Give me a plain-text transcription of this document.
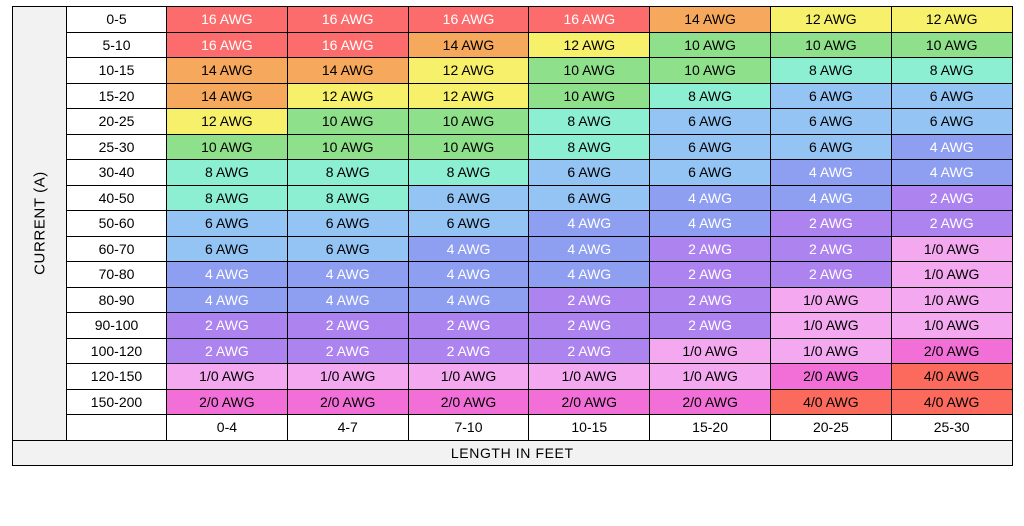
CURRENT (A)	0-5	16 AWG	16 AWG	16 AWG	16 AWG	14 AWG	12 AWG	12 AWG
	5-10	16 AWG	16 AWG	14 AWG	12 AWG	10 AWG	10 AWG	10 AWG
	10-15	14 AWG	14 AWG	12 AWG	10 AWG	10 AWG	8 AWG	8 AWG
	15-20	14 AWG	12 AWG	12 AWG	10 AWG	8 AWG	6 AWG	6 AWG
	20-25	12 AWG	10 AWG	10 AWG	8 AWG	6 AWG	6 AWG	6 AWG
	25-30	10 AWG	10 AWG	10 AWG	8 AWG	6 AWG	6 AWG	4 AWG
	30-40	8 AWG	8 AWG	8 AWG	6 AWG	6 AWG	4 AWG	4 AWG
	40-50	8 AWG	8 AWG	6 AWG	6 AWG	4 AWG	4 AWG	2 AWG
	50-60	6 AWG	6 AWG	6 AWG	4 AWG	4 AWG	2 AWG	2 AWG
	60-70	6 AWG	6 AWG	4 AWG	4 AWG	2 AWG	2 AWG	1/0 AWG
	70-80	4 AWG	4 AWG	4 AWG	4 AWG	2 AWG	2 AWG	1/0 AWG
	80-90	4 AWG	4 AWG	4 AWG	2 AWG	2 AWG	1/0 AWG	1/0 AWG
	90-100	2 AWG	2 AWG	2 AWG	2 AWG	2 AWG	1/0 AWG	1/0 AWG
	100-120	2 AWG	2 AWG	2 AWG	2 AWG	1/0 AWG	1/0 AWG	2/0 AWG
	120-150	1/0 AWG	1/0 AWG	1/0 AWG	1/0 AWG	1/0 AWG	2/0 AWG	4/0 AWG
	150-200	2/0 AWG	2/0 AWG	2/0 AWG	2/0 AWG	2/0 AWG	4/0 AWG	4/0 AWG
		0-4	4-7	7-10	10-15	15-20	20-25	25-30
LENGTH IN FEET								
